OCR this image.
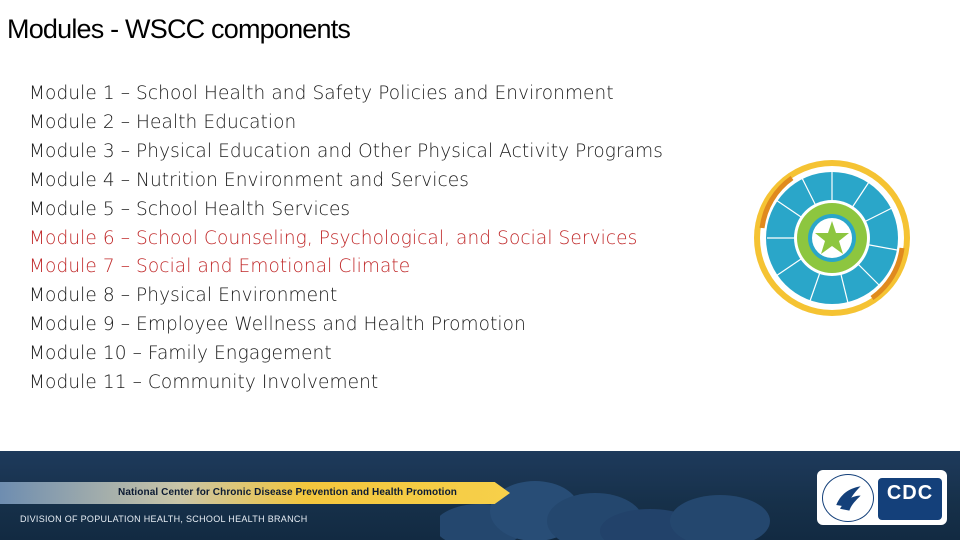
Modules - WSCC components
Module 1 – School Health and Safety Policies and Environment
Module 2 – Health Education
Module 3 – Physical Education and Other Physical Activity Programs
Module 4 – Nutrition Environment and Services
Module 5 – School Health Services
Module 6 – School Counseling, Psychological, and Social Services
Module 7 – Social and Emotional Climate
Module 8 – Physical Environment
Module 9 – Employee Wellness and Health Promotion
Module 10 – Family Engagement
Module 11 – Community Involvement
National Center for Chronic Disease Prevention and Health Promotion
DIVISION OF POPULATION HEALTH, SCHOOL HEALTH BRANCH
CDC
